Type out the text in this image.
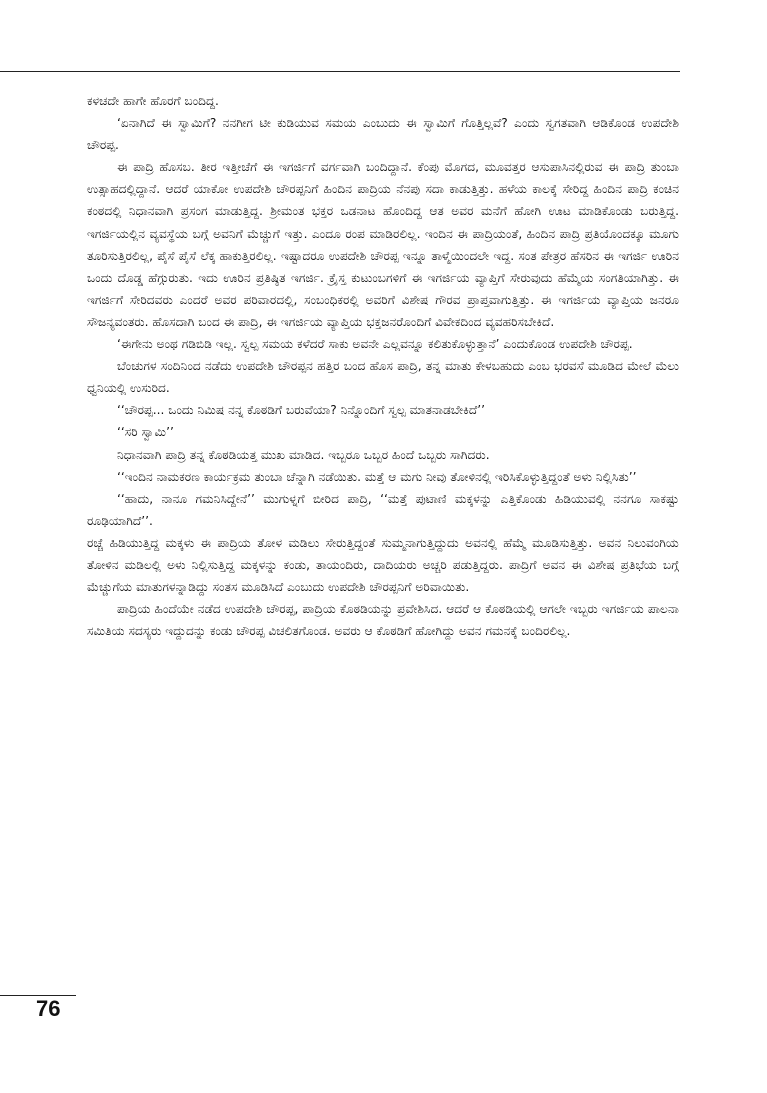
ಕಳಚದೇ ಹಾಗೇ ಹೊರಗೆ ಬಂದಿದ್ದ.

‘ಏನಾಗಿದೆ ಈ ಸ್ವಾಮಿಗೆ? ನನಗೀಗ ಟೀ ಕುಡಿಯುವ ಸಮಯ ಎಂಬುದು ಈ ಸ್ವಾಮಿಗೆ ಗೊತ್ತಿಲ್ಲವೆ? ಎಂದು ಸ್ವಗತವಾಗಿ ಆಡಿಕೊಂಡ ಉಪದೇಶಿ ಚೌರಪ್ಪ.

ಈ ಪಾದ್ರಿ ಹೊಸಬ. ತೀರ ಇತ್ತೀಚೆಗೆ ಈ ಇಗರ್ಜಿಗೆ ವರ್ಗವಾಗಿ ಬಂದಿದ್ದಾನೆ. ಕೆಂಪು ಮೊಗದ, ಮೂವತ್ತರ ಆಸುಪಾಸಿನಲ್ಲಿರುವ ಈ ಪಾದ್ರಿ ತುಂಬಾ ಉತ್ಸಾಹದಲ್ಲಿದ್ದಾನೆ. ಆದರೆ ಯಾಕೋ ಉಪದೇಶಿ ಚೌರಪ್ಪನಿಗೆ ಹಿಂದಿನ ಪಾದ್ರಿಯ ನೆನಪು ಸದಾ ಕಾಡುತ್ತಿತ್ತು. ಹಳೆಯ ಕಾಲಕ್ಕೆ ಸೇರಿದ್ದ ಹಿಂದಿನ ಪಾದ್ರಿ ಕಂಚಿನ ಕಂಠದಲ್ಲಿ ನಿಧಾನವಾಗಿ ಪ್ರಸಂಗ ಮಾಡುತ್ತಿದ್ದ. ಶ್ರೀಮಂತ ಭಕ್ತರ ಒಡನಾಟ ಹೊಂದಿದ್ದ ಆತ ಅವರ ಮನೆಗೆ ಹೋಗಿ ಊಟ ಮಾಡಿಕೊಂಡು ಬರುತ್ತಿದ್ದ. ಇಗರ್ಜಿಯಲ್ಲಿನ ವ್ಯವಸ್ಥೆಯ ಬಗ್ಗೆ ಅವನಿಗೆ ಮೆಚ್ಚುಗೆ ಇತ್ತು. ಎಂದೂ ರಂಪ ಮಾಡಿರಲಿಲ್ಲ. ಇಂದಿನ ಈ ಪಾದ್ರಿಯಂತೆ, ಹಿಂದಿನ ಪಾದ್ರಿ ಪ್ರತಿಯೊಂದಕ್ಕೂ ಮೂಗು ತೂರಿಸುತ್ತಿರಲಿಲ್ಲ, ಪೈಸೆ ಪೈಸೆ ಲೆಕ್ಕ ಹಾಕುತ್ತಿರಲಿಲ್ಲ. ಇಷ್ಟಾದರೂ ಉಪದೇಶಿ ಚೌರಪ್ಪ ಇನ್ನೂ ತಾಳ್ಮೆಯಿಂದಲೇ ಇದ್ದ. ಸಂತ ಪೇತ್ರರ ಹೆಸರಿನ ಈ ಇಗರ್ಜಿ ಊರಿನ ಒಂದು ದೊಡ್ಡ ಹೆಗ್ಗುರುತು. ಇದು ಊರಿನ ಪ್ರತಿಷ್ಠಿತ ಇಗರ್ಜಿ. ಕ್ರೈಸ್ತ ಕುಟುಂಬಗಳಿಗೆ ಈ ಇಗರ್ಜಿಯ ವ್ಯಾಪ್ತಿಗೆ ಸೇರುವುದು ಹೆಮ್ಮೆಯ ಸಂಗತಿಯಾಗಿತ್ತು. ಈ ಇಗರ್ಜಿಗೆ ಸೇರಿದವರು ಎಂದರೆ ಅವರ ಪರಿವಾರದಲ್ಲಿ, ಸಂಬಂಧಿಕರಲ್ಲಿ ಅವರಿಗೆ ವಿಶೇಷ ಗೌರವ ಪ್ರಾಪ್ತವಾಗುತ್ತಿತ್ತು. ಈ ಇಗರ್ಜಿಯ ವ್ಯಾಪ್ತಿಯ ಜನರೂ ಸೌಜನ್ಯವಂತರು. ಹೊಸದಾಗಿ ಬಂದ ಈ ಪಾದ್ರಿ, ಈ ಇಗರ್ಜಿಯ ವ್ಯಾಪ್ತಿಯ ಭಕ್ತಜನರೊಂದಿಗೆ ವಿವೇಕದಿಂದ ವ್ಯವಹರಿಸಬೇಕಿದೆ.

‘ಈಗೇನು ಅಂಥ ಗಡಿಬಿಡಿ ಇಲ್ಲ. ಸ್ವಲ್ಪ ಸಮಯ ಕಳೆದರೆ ಸಾಕು ಅವನೇ ಎಲ್ಲವನ್ನೂ ಕಲಿತುಕೊಳ್ಳುತ್ತಾನೆ’ ಎಂದುಕೊಂಡ ಉಪದೇಶಿ ಚೌರಪ್ಪ.

ಬೆಂಚುಗಳ ಸಂದಿನಿಂದ ನಡೆದು ಉಪದೇಶಿ ಚೌರಪ್ಪನ ಹತ್ತಿರ ಬಂದ ಹೊಸ ಪಾದ್ರಿ, ತನ್ನ ಮಾತು ಕೇಳಬಹುದು ಎಂಬ ಭರವಸೆ ಮೂಡಿದ ಮೇಲೆ ಮೆಲು ಧ್ವನಿಯಲ್ಲಿ ಉಸುರಿದ.

‘‘ಚೌರಪ್ಪ... ಒಂದು ನಿಮಿಷ ನನ್ನ ಕೊಠಡಿಗೆ ಬರುವೆಯಾ? ನಿನ್ನೊಂದಿಗೆ ಸ್ವಲ್ಪ ಮಾತನಾಡಬೇಕಿದೆ’’

‘‘ಸರಿ ಸ್ವಾಮಿ’’

ನಿಧಾನವಾಗಿ ಪಾದ್ರಿ ತನ್ನ ಕೊಠಡಿಯತ್ತ ಮುಖ ಮಾಡಿದ. ಇಬ್ಬರೂ ಒಬ್ಬರ ಹಿಂದೆ ಒಬ್ಬರು ಸಾಗಿದರು.

‘‘ಇಂದಿನ ನಾಮಕರಣ ಕಾರ್ಯಕ್ರಮ ತುಂಬಾ ಚೆನ್ನಾಗಿ ನಡೆಯಿತು. ಮತ್ತೆ ಆ ಮಗು ನೀವು ತೋಳಿನಲ್ಲಿ ಇರಿಸಿಕೊಳ್ಳುತ್ತಿದ್ದಂತೆ ಅಳು ನಿಲ್ಲಿಸಿತು’’

‘‘ಹಾದು, ನಾನೂ ಗಮನಿಸಿದ್ದೇನೆ’’ ಮುಗುಳ್ನಗೆ ಬೀರಿದ ಪಾದ್ರಿ, ‘‘ಮತ್ತೆ ಪುಟಾಣಿ ಮಕ್ಕಳನ್ನು ಎತ್ತಿಕೊಂಡು ಹಿಡಿಯುವಲ್ಲಿ ನನಗೂ ಸಾಕಷ್ಟು ರೂಢಿಯಾಗಿದೆ’’.

ರಚ್ಚೆ ಹಿಡಿಯುತ್ತಿದ್ದ ಮಕ್ಕಳು ಈ ಪಾದ್ರಿಯ ತೋಳ ಮಡಿಲು ಸೇರುತ್ತಿದ್ದಂತೆ ಸುಮ್ಮನಾಗುತ್ತಿದ್ದುದು ಅವನಲ್ಲಿ ಹೆಮ್ಮೆ ಮೂಡಿಸುತ್ತಿತ್ತು. ಅವನ ನಿಲುವಂಗಿಯ ತೋಳಿನ ಮಡಿಲಲ್ಲಿ ಅಳು ನಿಲ್ಲಿಸುತ್ತಿದ್ದ ಮಕ್ಕಳನ್ನು ಕಂಡು, ತಾಯಂದಿರು, ದಾದಿಯರು ಅಚ್ಚರಿ ಪಡುತ್ತಿದ್ದರು. ಪಾದ್ರಿಗೆ ಅವನ ಈ ವಿಶೇಷ ಪ್ರತಿಭೆಯ ಬಗ್ಗೆ ಮೆಚ್ಚುಗೆಯ ಮಾತುಗಳನ್ನಾಡಿದ್ದು ಸಂತಸ ಮೂಡಿಸಿದೆ ಎಂಬುದು ಉಪದೇಶಿ ಚೌರಪ್ಪನಿಗೆ ಅರಿವಾಯಿತು.

ಪಾದ್ರಿಯ ಹಿಂದೆಯೇ ನಡೆದ ಉಪದೇಶಿ ಚೌರಪ್ಪ, ಪಾದ್ರಿಯ ಕೊಠಡಿಯನ್ನು ಪ್ರವೇಶಿಸಿದ. ಆದರೆ ಆ ಕೊಠಡಿಯಲ್ಲಿ ಆಗಲೇ ಇಬ್ಬರು ಇಗರ್ಜಿಯ ಪಾಲನಾ ಸಮಿತಿಯ ಸದಸ್ಯರು ಇದ್ದುದನ್ನು ಕಂಡು ಚೌರಪ್ಪ ವಿಚಲಿತಗೊಂಡ. ಅವರು ಆ ಕೊಠಡಿಗೆ ಹೋಗಿದ್ದು ಅವನ ಗಮನಕ್ಕೆ ಬಂದಿರಲಿಲ್ಲ.

76
